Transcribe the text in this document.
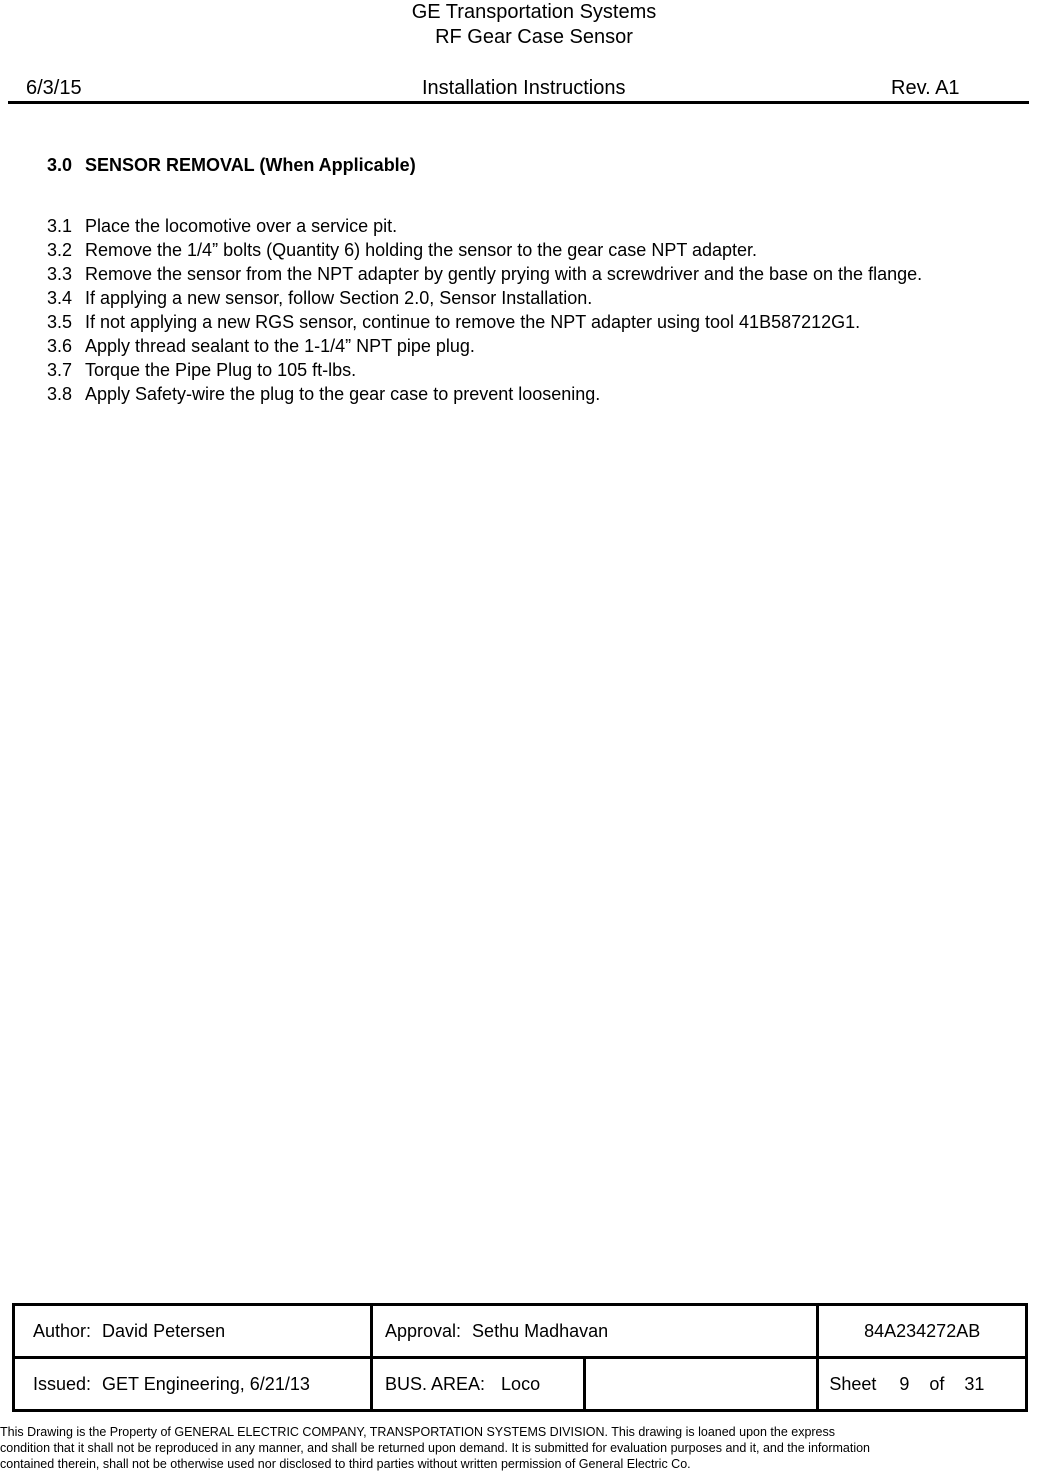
GE Transportation Systems
RF Gear Case Sensor
6/3/15	Installation Instructions	Rev. A1
3.0 SENSOR REMOVAL (When Applicable)
3.1 Place the locomotive over a service pit.
3.2 Remove the 1/4” bolts (Quantity 6) holding the sensor to the gear case NPT adapter.
3.3 Remove the sensor from the NPT adapter by gently prying with a screwdriver and the base on the flange.
3.4 If applying a new sensor, follow Section 2.0, Sensor Installation.
3.5 If not applying a new RGS sensor, continue to remove the NPT adapter using tool 41B587212G1.
3.6 Apply thread sealant to the 1-1/4” NPT pipe plug.
3.7 Torque the Pipe Plug to 105 ft-lbs.
3.8 Apply Safety-wire the plug to the gear case to prevent loosening.
Author: David Petersen	Approval: Sethu Madhavan		84A234272AB
Issued: GET Engineering, 6/21/13	BUS. AREA: Loco		Sheet 9 of 31
This Drawing is the Property of GENERAL ELECTRIC COMPANY, TRANSPORTATION SYSTEMS DIVISION. This drawing is loaned upon the express
condition that it shall not be reproduced in any manner, and shall be returned upon demand. It is submitted for evaluation purposes and it, and the information
contained therein, shall not be otherwise used nor disclosed to third parties without written permission of General Electric Co.
